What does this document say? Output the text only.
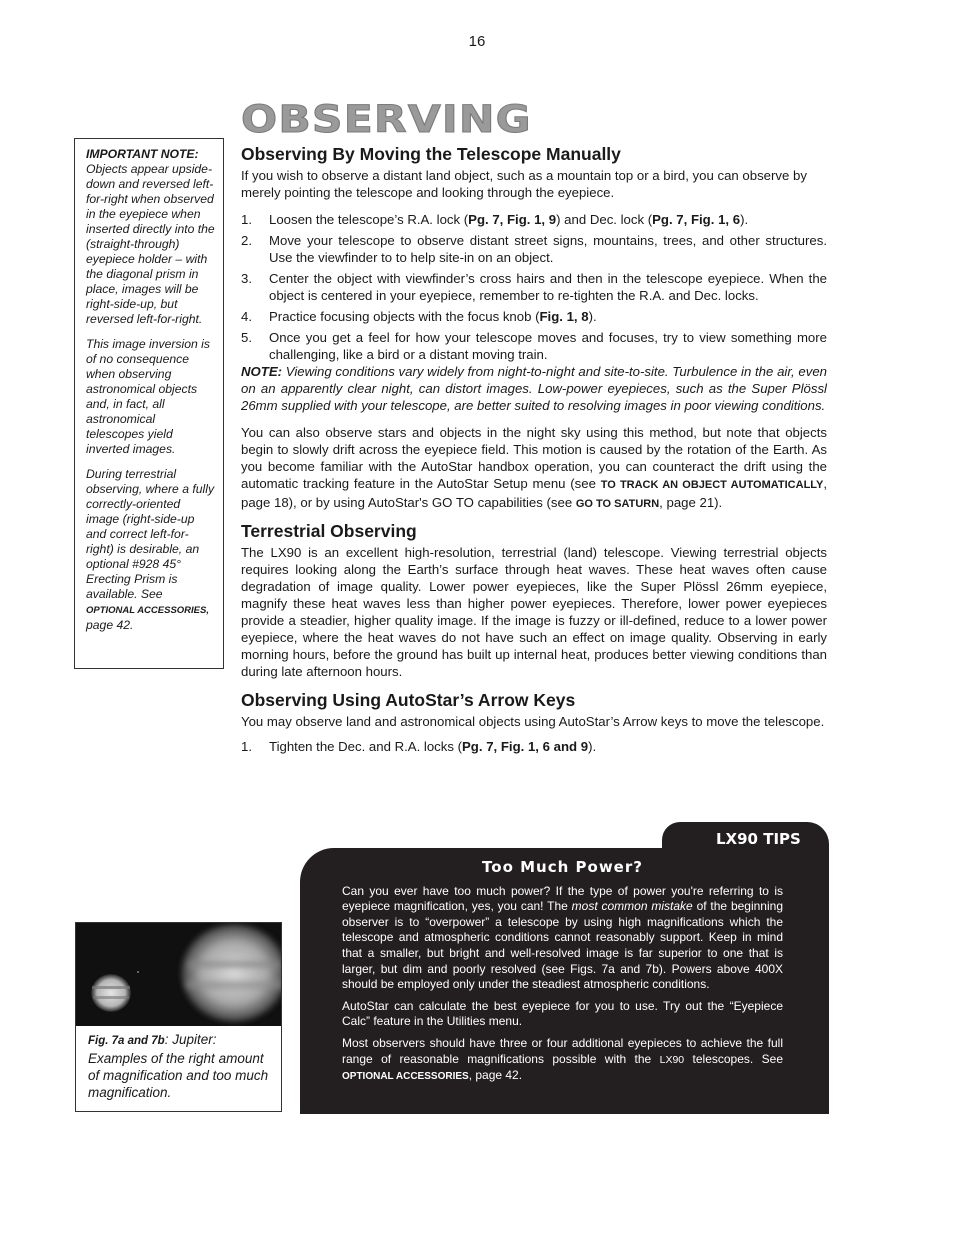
16
OBSERVING

IMPORTANT NOTE:
Objects appear upside-down and reversed left-for-right when observed in the eyepiece when inserted directly into the (straight-through) eyepiece holder – with the diagonal prism in place, images will be right-side-up, but reversed left-for-right.

This image inversion is of no consequence when observing astronomical objects and, in fact, all astronomical telescopes yield inverted images.

During terrestrial observing, where a fully correctly-oriented image (right-side-up and correct left-for-right) is desirable, an optional #928 45° Erecting Prism is available. See
OPTIONAL ACCESSORIES,
page 42.

Observing By Moving the Telescope Manually

If you wish to observe a distant land object, such as a mountain top or a bird, you can observe by merely pointing the telescope and looking through the eyepiece.

1. Loosen the telescope’s R.A. lock (Pg. 7, Fig. 1, 9) and Dec. lock (Pg. 7, Fig. 1, 6).
2. Move your telescope to observe distant street signs, mountains, trees, and other structures. Use the viewfinder to to help site-in on an object.
3. Center the object with viewfinder’s cross hairs and then in the telescope eyepiece. When the object is centered in your eyepiece, remember to re-tighten the R.A. and Dec. locks.
4. Practice focusing objects with the focus knob (Fig. 1, 8).
5. Once you get a feel for how your telescope moves and focuses, try to view something more challenging, like a bird or a distant moving train.

NOTE: Viewing conditions vary widely from night-to-night and site-to-site. Turbulence in the air, even on an apparently clear night, can distort images. Low-power eyepieces, such as the Super Plössl 26mm supplied with your telescope, are better suited to resolving images in poor viewing conditions.

You can also observe stars and objects in the night sky using this method, but note that objects begin to slowly drift across the eyepiece field. This motion is caused by the rotation of the Earth. As you become familiar with the AutoStar handbox operation, you can counteract the drift using the automatic tracking feature in the AutoStar Setup menu (see TO TRACK AN OBJECT AUTOMATICALLY, page 18), or by using AutoStar's GO TO capabilities (see GO TO SATURN, page 21).

Terrestrial Observing

The LX90 is an excellent high-resolution, terrestrial (land) telescope. Viewing terrestrial objects requires looking along the Earth’s surface through heat waves. These heat waves often cause degradation of image quality. Lower power eyepieces, like the Super Plössl 26mm eyepiece, magnify these heat waves less than higher power eyepieces. Therefore, lower power eyepieces provide a steadier, higher quality image. If the image is fuzzy or ill-defined, reduce to a lower power eyepiece, where the heat waves do not have such an effect on image quality. Observing in early morning hours, before the ground has built up internal heat, produces better viewing conditions than during late afternoon hours.

Observing Using AutoStar’s Arrow Keys

You may observe land and astronomical objects using AutoStar’s Arrow keys to move the telescope.

1. Tighten the Dec. and R.A. locks (Pg. 7, Fig. 1, 6 and 9).
Too Much Power?

Can you ever have too much power? If the type of power you're referring to is eyepiece magnification, yes, you can! The most common mistake of the beginning observer is to “overpower” a telescope by using high magnifications which the telescope and atmospheric conditions cannot reasonably support. Keep in mind that a smaller, but bright and well-resolved image is far superior to one that is larger, but dim and poorly resolved (see Figs. 7a and 7b). Powers above 400X should be employed only under the steadiest atmospheric conditions.

AutoStar can calculate the best eyepiece for you to use. Try out the “Eyepiece Calc” feature in the Utilities menu.

Most observers should have three or four additional eyepieces to achieve the full range of reasonable magnifications possible with the LX90 telescopes. See OPTIONAL ACCESSORIES, page 42.

LX90 TIPS
Fig. 7a and 7b: Jupiter: Examples of the right amount of magnification and too much magnification.
